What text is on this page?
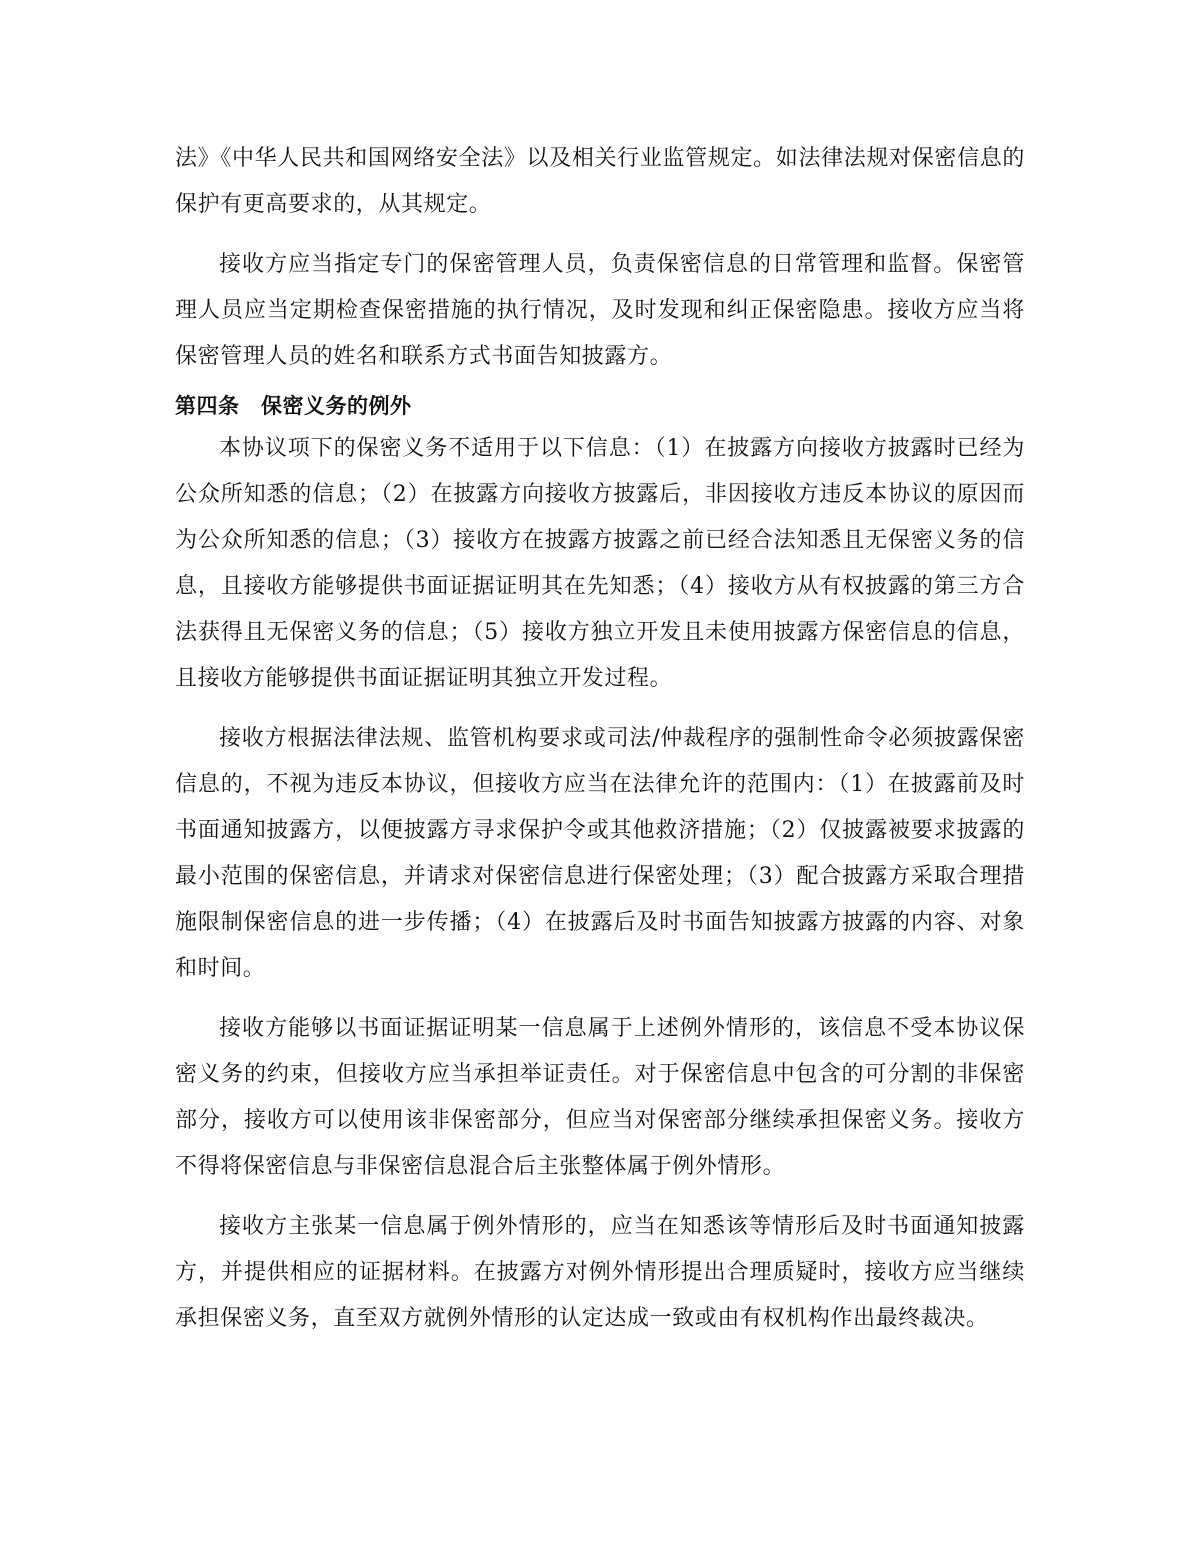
法》《中华人民共和国网络安全法》以及相关行业监管规定。如法律法规对保密信息的保护有更高要求的，从其规定。

接收方应当指定专门的保密管理人员，负责保密信息的日常管理和监督。保密管理人员应当定期检查保密措施的执行情况，及时发现和纠正保密隐患。接收方应当将保密管理人员的姓名和联系方式书面告知披露方。

第四条　保密义务的例外

本协议项下的保密义务不适用于以下信息：（1）在披露方向接收方披露时已经为公众所知悉的信息；（2）在披露方向接收方披露后，非因接收方违反本协议的原因而为公众所知悉的信息；（3）接收方在披露方披露之前已经合法知悉且无保密义务的信息，且接收方能够提供书面证据证明其在先知悉；（4）接收方从有权披露的第三方合法获得且无保密义务的信息；（5）接收方独立开发且未使用披露方保密信息的信息，且接收方能够提供书面证据证明其独立开发过程。

接收方根据法律法规、监管机构要求或司法/仲裁程序的强制性命令必须披露保密信息的，不视为违反本协议，但接收方应当在法律允许的范围内：（1）在披露前及时书面通知披露方，以便披露方寻求保护令或其他救济措施；（2）仅披露被要求披露的最小范围的保密信息，并请求对保密信息进行保密处理；（3）配合披露方采取合理措施限制保密信息的进一步传播；（4）在披露后及时书面告知披露方披露的内容、对象和时间。

接收方能够以书面证据证明某一信息属于上述例外情形的，该信息不受本协议保密义务的约束，但接收方应当承担举证责任。对于保密信息中包含的可分割的非保密部分，接收方可以使用该非保密部分，但应当对保密部分继续承担保密义务。接收方不得将保密信息与非保密信息混合后主张整体属于例外情形。

接收方主张某一信息属于例外情形的，应当在知悉该等情形后及时书面通知披露方，并提供相应的证据材料。在披露方对例外情形提出合理质疑时，接收方应当继续承担保密义务，直至双方就例外情形的认定达成一致或由有权机构作出最终裁决。
